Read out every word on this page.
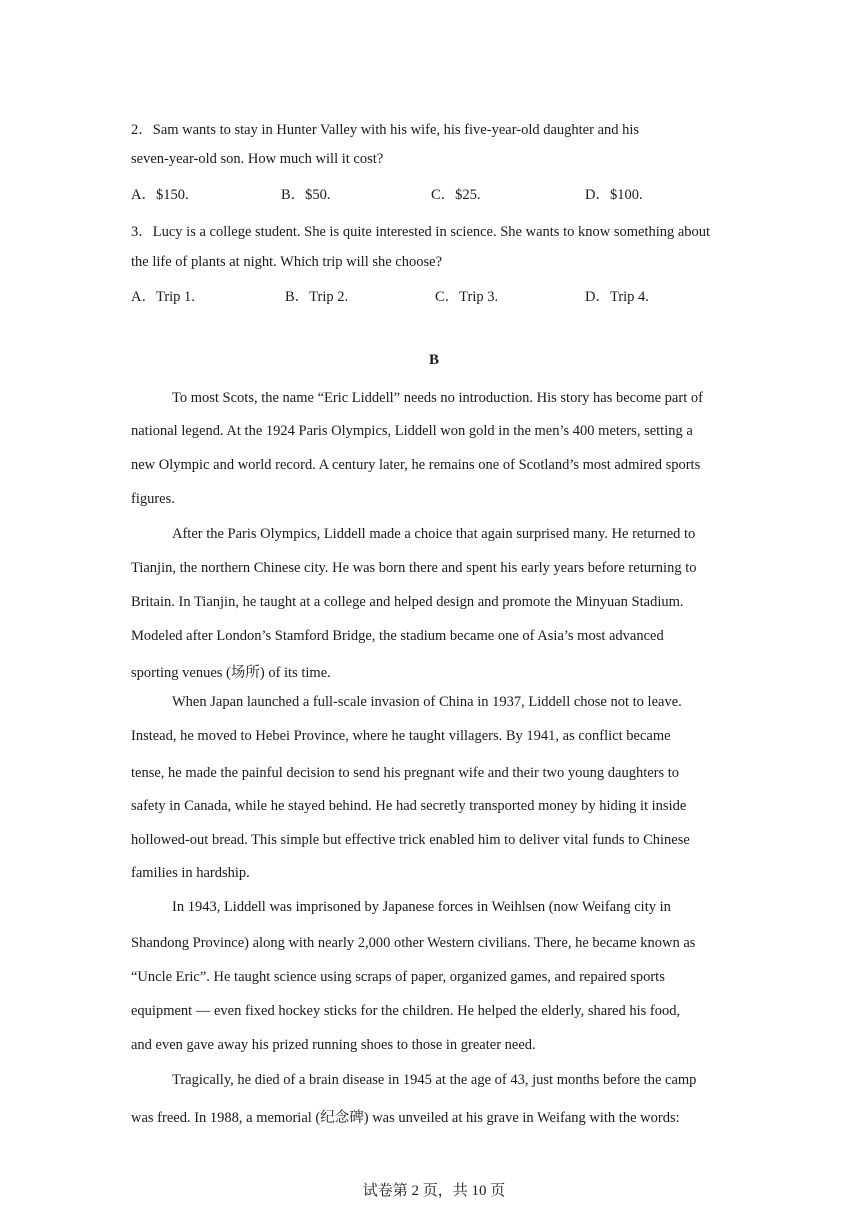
2．Sam wants to stay in Hunter Valley with his wife, his five-year-old daughter and his
seven-year-old son. How much will it cost?
A．$150.	B．$50.	C．$25.	D．$100.
3．Lucy is a college student. She is quite interested in science. She wants to know something about
the life of plants at night. Which trip will she choose?
A．Trip 1.	B．Trip 2.	C．Trip 3.	D．Trip 4.
B
To most Scots, the name “Eric Liddell” needs no introduction. His story has become part of
national legend. At the 1924 Paris Olympics, Liddell won gold in the men’s 400 meters, setting a
new Olympic and world record. A century later, he remains one of Scotland’s most admired sports
figures.
After the Paris Olympics, Liddell made a choice that again surprised many. He returned to
Tianjin, the northern Chinese city. He was born there and spent his early years before returning to
Britain. In Tianjin, he taught at a college and helped design and promote the Minyuan Stadium.
Modeled after London’s Stamford Bridge, the stadium became one of Asia’s most advanced
sporting venues (场所) of its time.
When Japan launched a full-scale invasion of China in 1937, Liddell chose not to leave.
Instead, he moved to Hebei Province, where he taught villagers. By 1941, as conflict became
tense, he made the painful decision to send his pregnant wife and their two young daughters to
safety in Canada, while he stayed behind. He had secretly transported money by hiding it inside
hollowed-out bread. This simple but effective trick enabled him to deliver vital funds to Chinese
families in hardship.
In 1943, Liddell was imprisoned by Japanese forces in Weihlsen (now Weifang city in
Shandong Province) along with nearly 2,000 other Western civilians. There, he became known as
“Uncle Eric”. He taught science using scraps of paper, organized games, and repaired sports
equipment — even fixed hockey sticks for the children. He helped the elderly, shared his food,
and even gave away his prized running shoes to those in greater need.
Tragically, he died of a brain disease in 1945 at the age of 43, just months before the camp
was freed. In 1988, a memorial (纪念碑) was unveiled at his grave in Weifang with the words:
试卷第 2 页，共 10 页
